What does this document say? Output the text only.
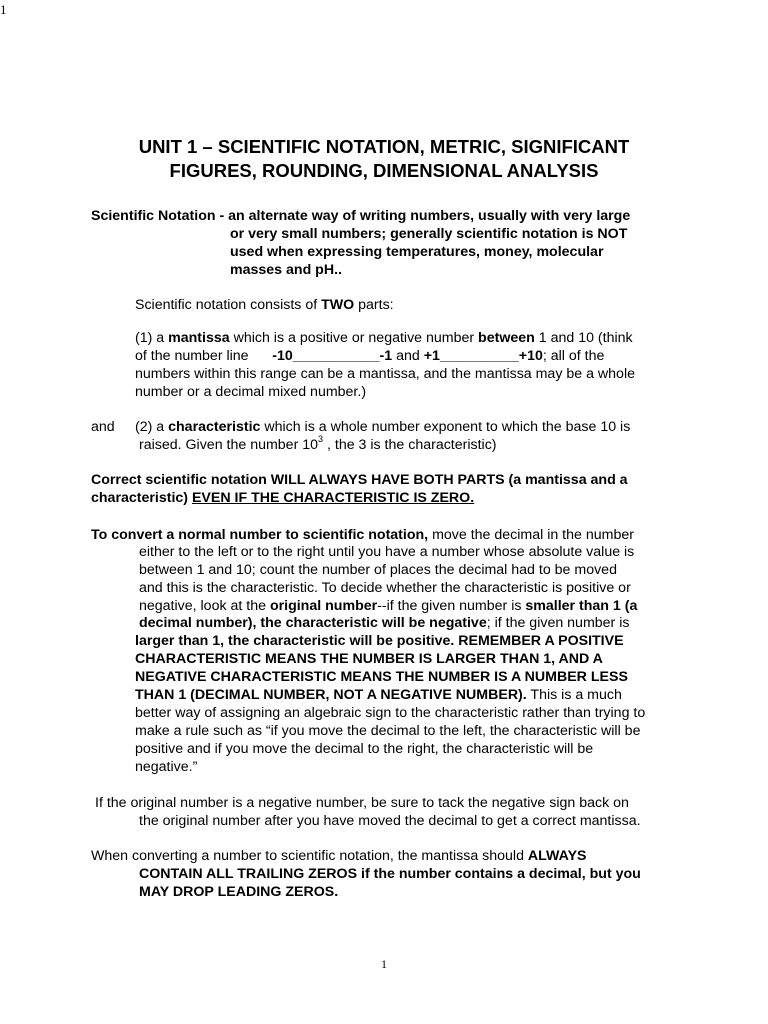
1
UNIT 1 – SCIENTIFIC NOTATION, METRIC, SIGNIFICANT
FIGURES, ROUNDING, DIMENSIONAL ANALYSIS
Scientific Notation - an alternate way of writing numbers, usually with very large
or very small numbers; generally scientific notation is NOT
used when expressing temperatures, money, molecular
masses and pH..
Scientific notation consists of TWO parts:
(1) a mantissa which is a positive or negative number between 1 and 10 (think
of the number line      -10___________-1 and +1__________+10; all of the
numbers within this range can be a mantissa, and the mantissa may be a whole
number or a decimal mixed number.)
and (2) a characteristic which is a whole number exponent to which the base 10 is
raised. Given the number $10^3$ , the 3 is the characteristic)
Correct scientific notation WILL ALWAYS HAVE BOTH PARTS (a mantissa and a
characteristic) EVEN IF THE CHARACTERISTIC IS ZERO.
To convert a normal number to scientific notation, move the decimal in the number
either to the left or to the right until you have a number whose absolute value is
between 1 and 10; count the number of places the decimal had to be moved
and this is the characteristic. To decide whether the characteristic is positive or
negative, look at the original number--if the given number is smaller than 1 (a
decimal number), the characteristic will be negative; if the given number is
larger than 1, the characteristic will be positive. REMEMBER A POSITIVE
CHARACTERISTIC MEANS THE NUMBER IS LARGER THAN 1, AND A
NEGATIVE CHARACTERISTIC MEANS THE NUMBER IS A NUMBER LESS
THAN 1 (DECIMAL NUMBER, NOT A NEGATIVE NUMBER). This is a much
better way of assigning an algebraic sign to the characteristic rather than trying to
make a rule such as “if you move the decimal to the left, the characteristic will be
positive and if you move the decimal to the right, the characteristic will be
negative.”
If the original number is a negative number, be sure to tack the negative sign back on
the original number after you have moved the decimal to get a correct mantissa.
When converting a number to scientific notation, the mantissa should ALWAYS
CONTAIN ALL TRAILING ZEROS if the number contains a decimal, but you
MAY DROP LEADING ZEROS.
1
